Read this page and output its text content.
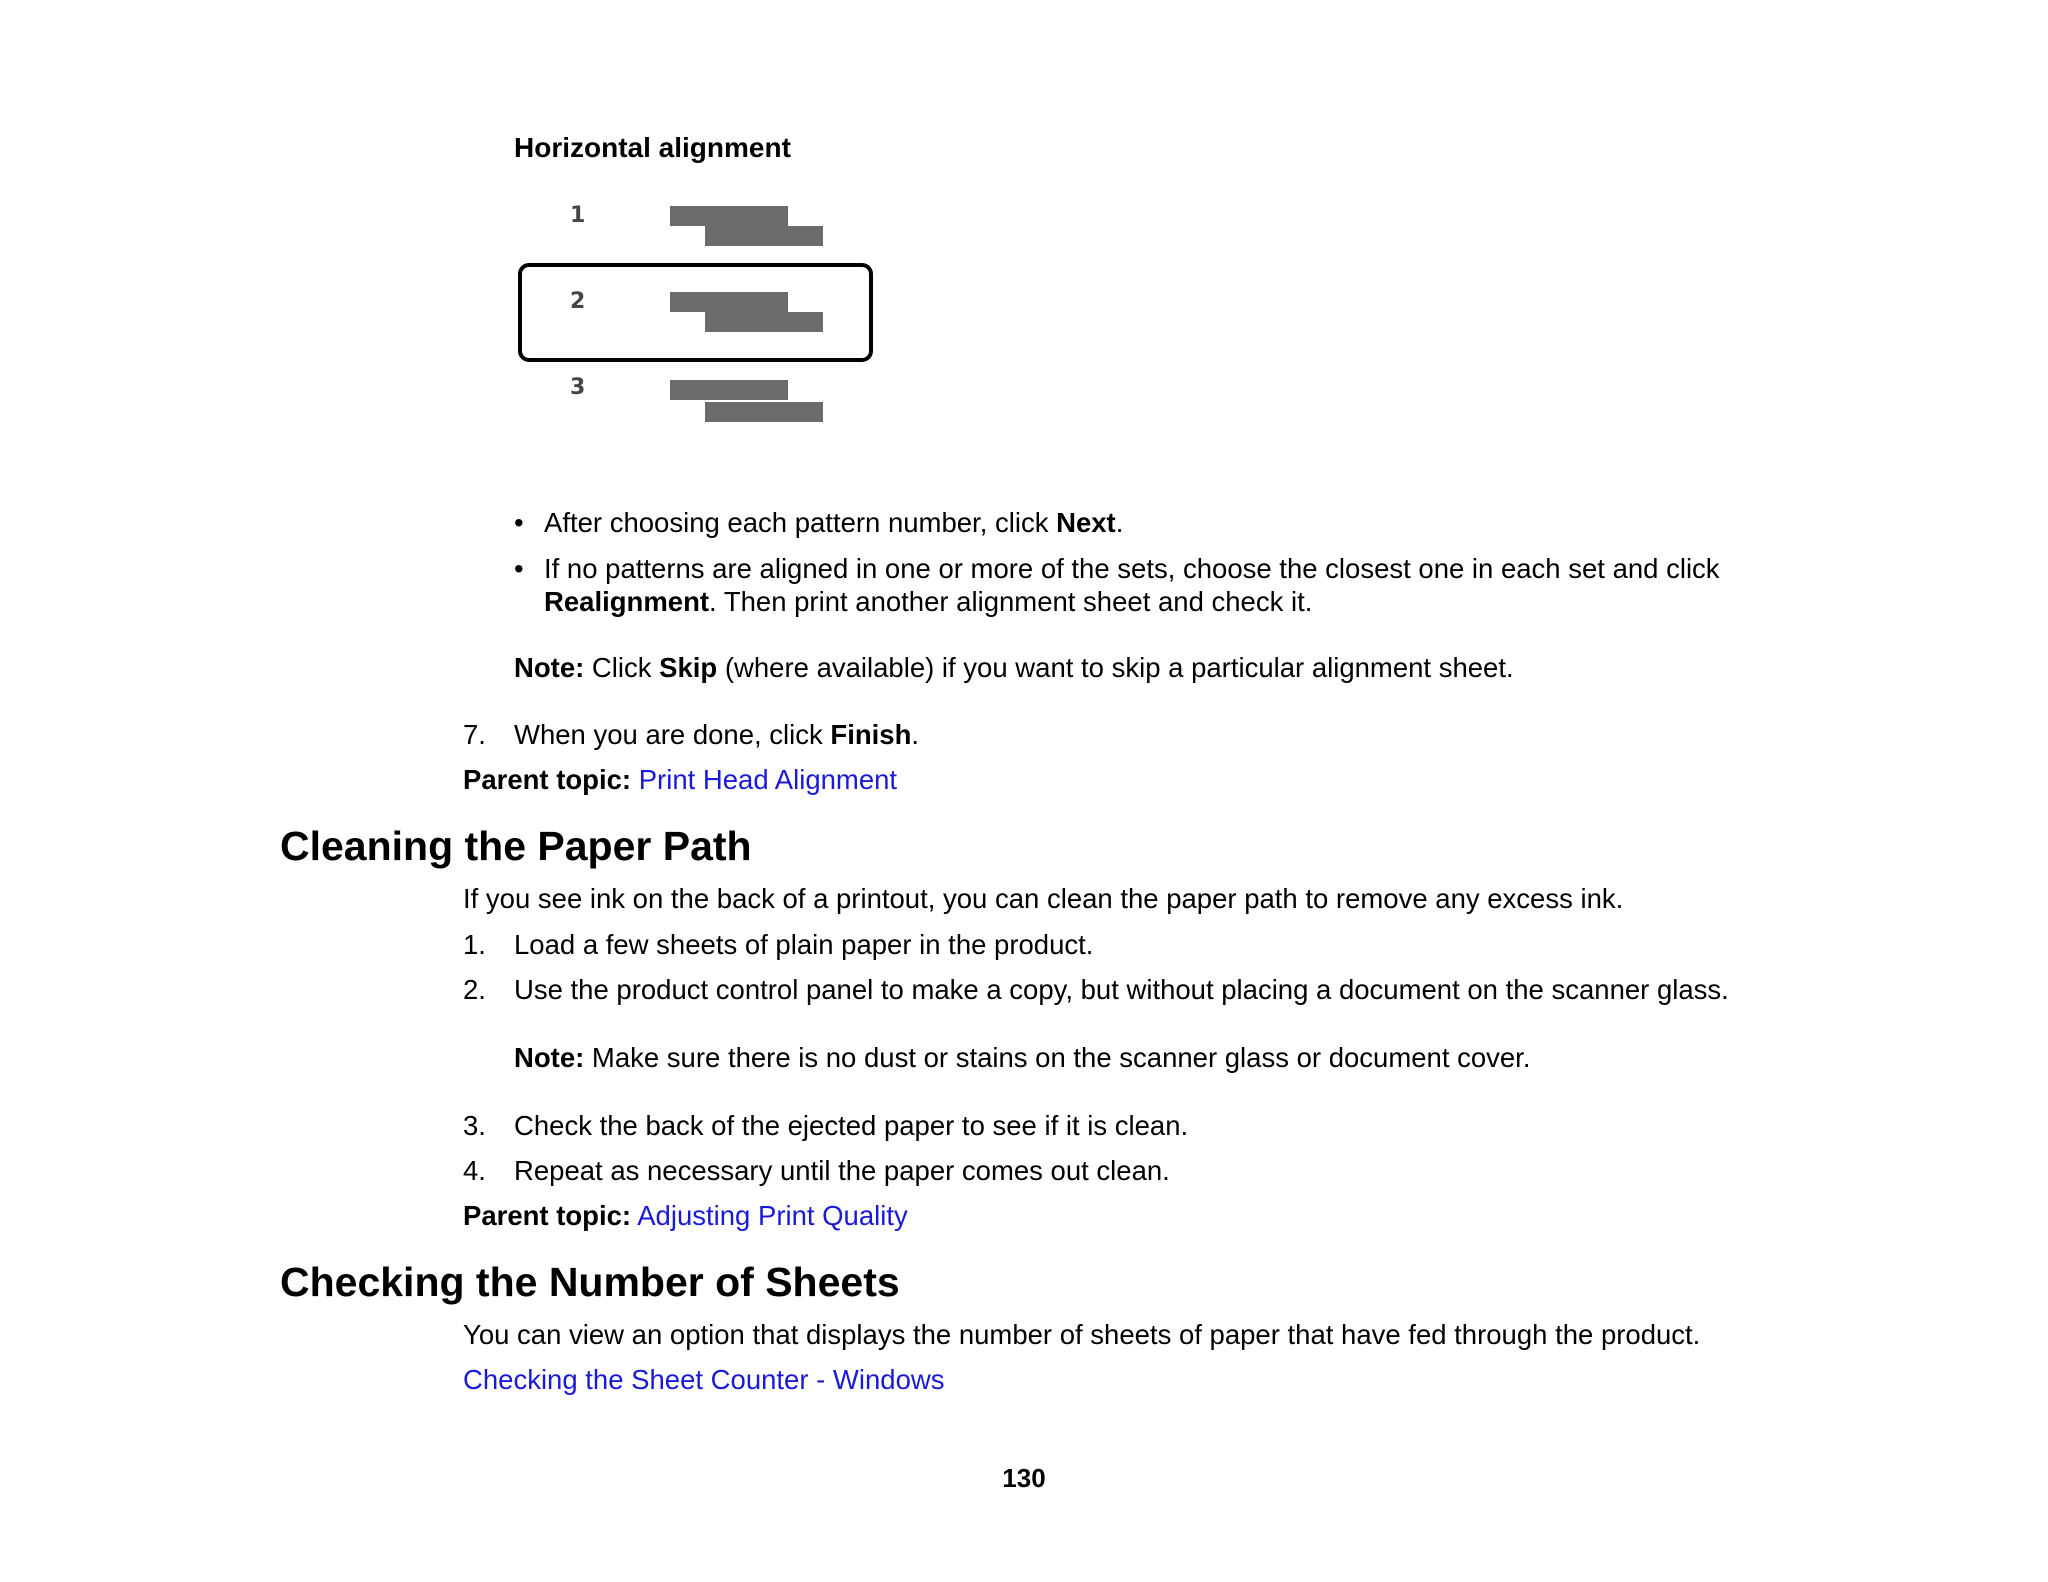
Horizontal alignment
1
2
3
• After choosing each pattern number, click Next.
• If no patterns are aligned in one or more of the sets, choose the closest one in each set and click
Realignment. Then print another alignment sheet and check it.
Note: Click Skip (where available) if you want to skip a particular alignment sheet.
7. When you are done, click Finish.
Parent topic: Print Head Alignment
Cleaning the Paper Path
If you see ink on the back of a printout, you can clean the paper path to remove any excess ink.
1. Load a few sheets of plain paper in the product.
2. Use the product control panel to make a copy, but without placing a document on the scanner glass.
Note: Make sure there is no dust or stains on the scanner glass or document cover.
3. Check the back of the ejected paper to see if it is clean.
4. Repeat as necessary until the paper comes out clean.
Parent topic: Adjusting Print Quality
Checking the Number of Sheets
You can view an option that displays the number of sheets of paper that have fed through the product.
Checking the Sheet Counter - Windows
130
